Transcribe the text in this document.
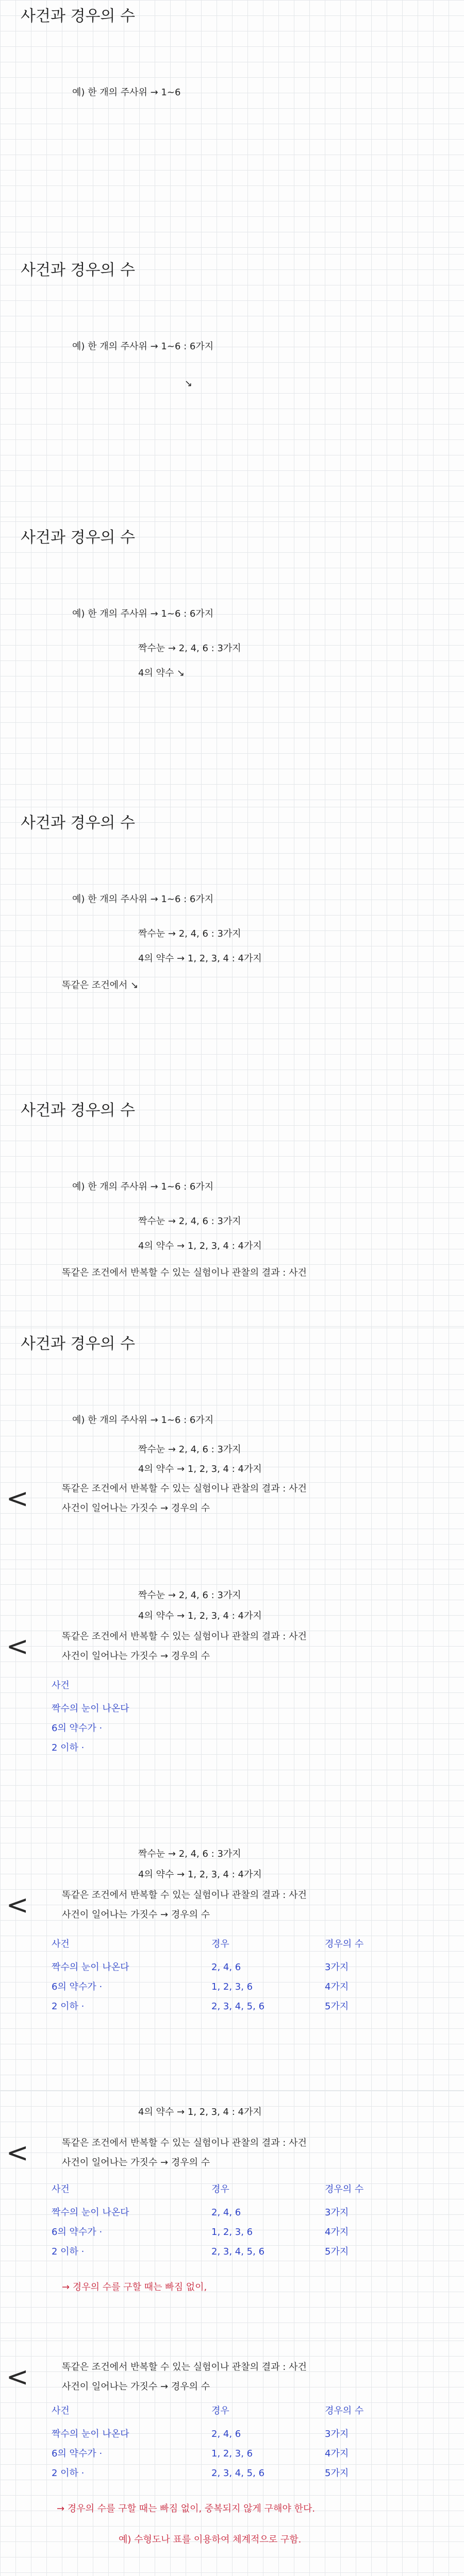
사건과 경우의 수
예) 한 개의 주사위 → 1~6
사건과 경우의 수
예) 한 개의 주사위 → 1~6 : 6가지
↘
사건과 경우의 수
예) 한 개의 주사위 → 1~6 : 6가지
짝수눈 → 2, 4, 6 : 3가지
4의 약수 ↘
사건과 경우의 수
예) 한 개의 주사위 → 1~6 : 6가지
짝수눈 → 2, 4, 6 : 3가지
4의 약수 → 1, 2, 3, 4 : 4가지
똑같은 조건에서 ↘
사건과 경우의 수
예) 한 개의 주사위 → 1~6 : 6가지
짝수눈 → 2, 4, 6 : 3가지
4의 약수 → 1, 2, 3, 4 : 4가지
똑같은 조건에서 반복할 수 있는 실험이나 관찰의 결과 : 사건
사건과 경우의 수
예) 한 개의 주사위 → 1~6 : 6가지
짝수눈 → 2, 4, 6 : 3가지
4의 약수 → 1, 2, 3, 4 : 4가지
<	똑같은 조건에서 반복할 수 있는 실험이나 관찰의 결과 : 사건
사건이 일어나는 가짓수 → 경우의 수
짝수눈 → 2, 4, 6 : 3가지
4의 약수 → 1, 2, 3, 4 : 4가지
<	똑같은 조건에서 반복할 수 있는 실험이나 관찰의 결과 : 사건
사건이 일어나는 가짓수 → 경우의 수
사건
짝수의 눈이 나온다
6의 약수가 ·
2 이하 ·
짝수눈 → 2, 4, 6 : 3가지
4의 약수 → 1, 2, 3, 4 : 4가지
<	똑같은 조건에서 반복할 수 있는 실험이나 관찰의 결과 : 사건
사건이 일어나는 가짓수 → 경우의 수
사건	경우	경우의 수
짝수의 눈이 나온다	2, 4, 6	3가지
6의 약수가 ·	1, 2, 3, 6	4가지
2 이하 ·	2, 3, 4, 5, 6	5가지
4의 약수 → 1, 2, 3, 4 : 4가지
<	똑같은 조건에서 반복할 수 있는 실험이나 관찰의 결과 : 사건
사건이 일어나는 가짓수 → 경우의 수
사건	경우	경우의 수
짝수의 눈이 나온다	2, 4, 6	3가지
6의 약수가 ·	1, 2, 3, 6	4가지
2 이하 ·	2, 3, 4, 5, 6	5가지
→ 경우의 수를 구할 때는 빠짐 없이,
<	똑같은 조건에서 반복할 수 있는 실험이나 관찰의 결과 : 사건
사건이 일어나는 가짓수 → 경우의 수
사건	경우	경우의 수
짝수의 눈이 나온다	2, 4, 6	3가지
6의 약수가 ·	1, 2, 3, 6	4가지
2 이하 ·	2, 3, 4, 5, 6	5가지
→ 경우의 수를 구할 때는 빠짐 없이, 중복되지 않게 구해야 한다.
예) 수형도나 표를 이용하여 체계적으로 구함.
